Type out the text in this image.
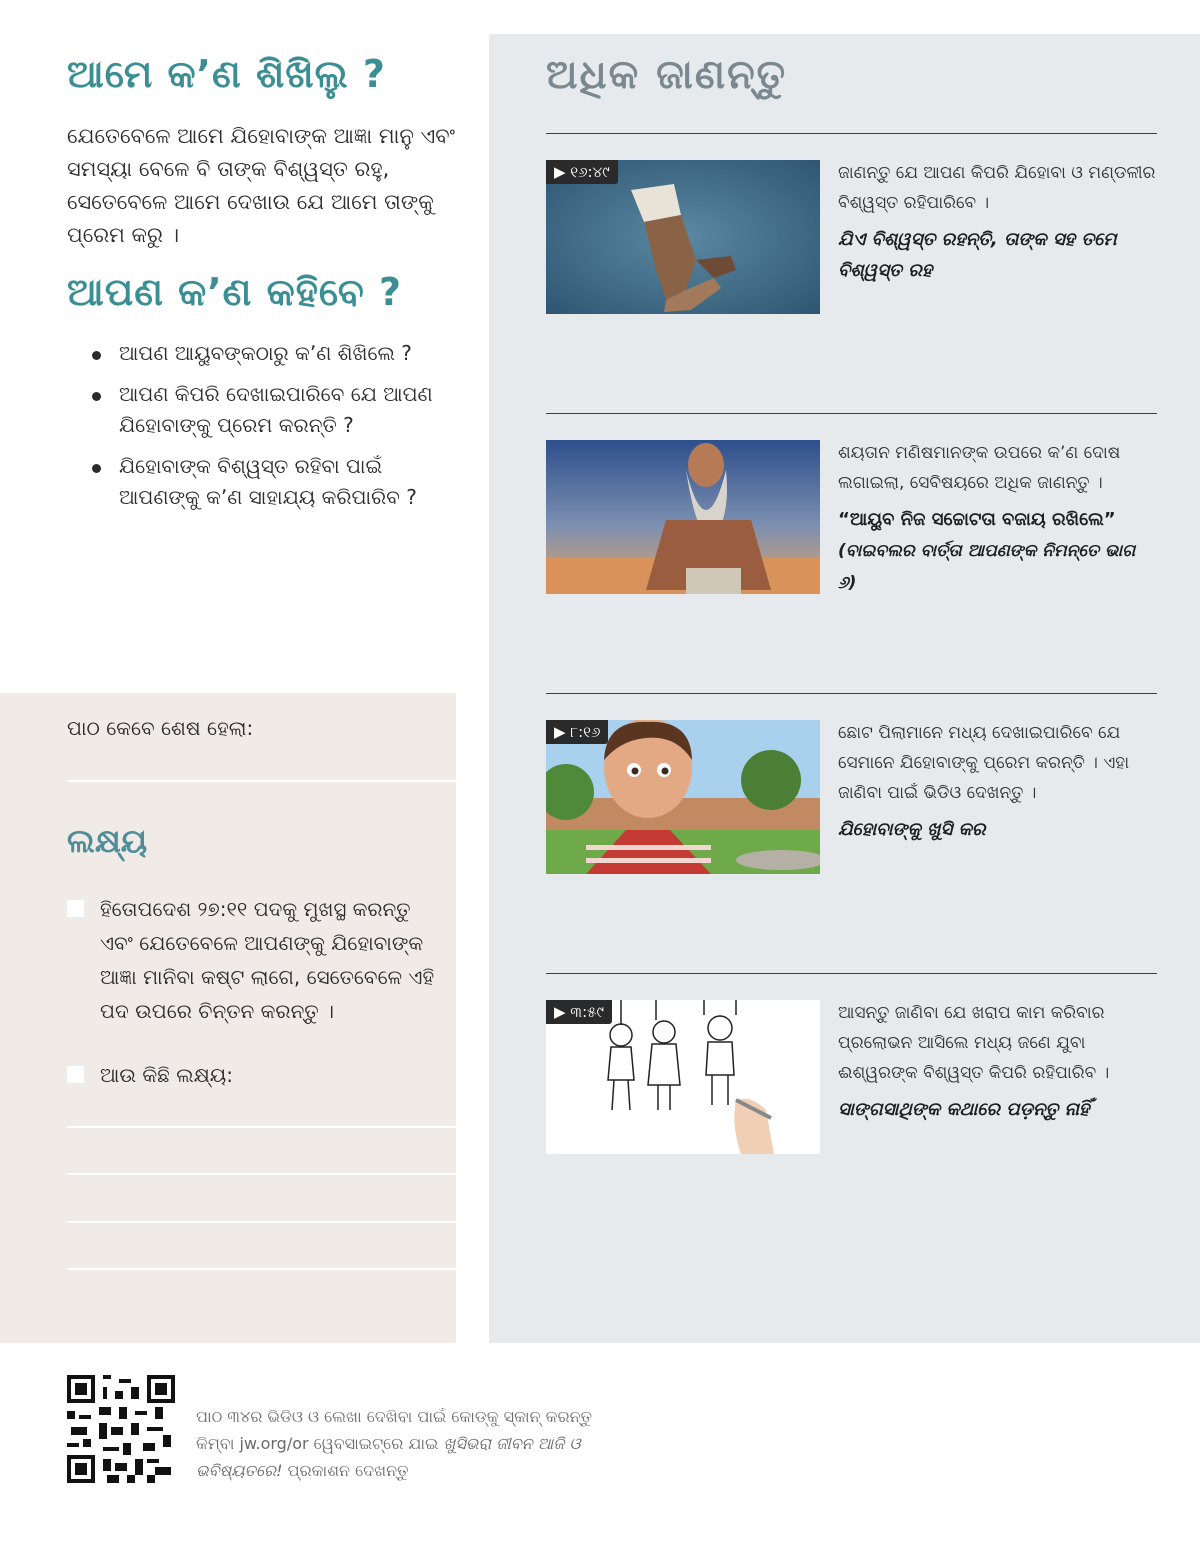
ଆମେ କʼଣ ଶିଖିଲୁ ?

ଯେତେବେଳେ ଆମେ ଯିହୋବାଙ୍କ ଆଜ୍ଞା ମାନୁ ଏବଂ ସମସ୍ୟା ବେଳେ ବି ତାଙ୍କ ବିଶ୍ୱସ୍ତ ରହୁ, ସେତେବେଳେ ଆମେ ଦେଖାଉ ଯେ ଆମେ ତାଙ୍କୁ ପ୍ରେମ କରୁ ।

ଆପଣ କʼଣ କହିବେ ?
ଆପଣ ଆୟୁବଙ୍କଠାରୁ କʼଣ ଶିଖିଲେ ?
ଆପଣ କିପରି ଦେଖାଇପାରିବେ ଯେ ଆପଣ ଯିହୋବାଙ୍କୁ ପ୍ରେମ କରନ୍ତି ?
ଯିହୋବାଙ୍କ ବିଶ୍ୱସ୍ତ ରହିବା ପାଇଁ ଆପଣଙ୍କୁ କʼଣ ସାହାଯ୍ୟ କରିପାରିବ ?
ପାଠ କେବେ ଶେଷ ହେଲା:
ଲକ୍ଷ୍ୟ
ହିତୋପଦେଶ ୨୭:୧୧ ପଦକୁ ମୁଖସ୍ଥ କରନ୍ତୁ ଏବଂ ଯେତେବେଳେ ଆପଣଙ୍କୁ ଯିହୋବାଙ୍କ ଆଜ୍ଞା ମାନିବା କଷ୍ଟ ଲାଗେ, ସେତେବେଳେ ଏହି ପଦ ଉପରେ ଚିନ୍ତନ କରନ୍ତୁ ।
ଆଉ କିଛି ଲକ୍ଷ୍ୟ:
ଅଧିକ ଜାଣନ୍ତୁ
▶ ୧୬:୪୯	ଜାଣନ୍ତୁ ଯେ ଆପଣ କିପରି ଯିହୋବା ଓ ମଣ୍ଡଳୀର ବିଶ୍ୱସ୍ତ ରହିପାରିବେ ।

ଯିଏ ବିଶ୍ୱସ୍ତ ରହନ୍ତି, ତାଙ୍କ ସହ ତମେ ବିଶ୍ୱସ୍ତ ରହ

ଶୟତାନ ମଣିଷମାନଙ୍କ ଉପରେ କʼଣ ଦୋଷ ଲଗାଇଲା, ସେବିଷୟରେ ଅଧିକ ଜାଣନ୍ତୁ ।

“ଆୟୁବ ନିଜ ସଚ୍ଚୋଟତା ବଜାୟ ରଖିଲେ”
(ବାଇବଲର ବାର୍ତ୍ତା ଆପଣଙ୍କ ନିମନ୍ତେ ଭାଗ ୬)
▶ ୮:୧୬	ଛୋଟ ପିଲାମାନେ ମଧ୍ୟ ଦେଖାଇପାରିବେ ଯେ ସେମାନେ ଯିହୋବାଙ୍କୁ ପ୍ରେମ କରନ୍ତି । ଏହା ଜାଣିବା ପାଇଁ ଭିଡିଓ ଦେଖନ୍ତୁ ।

ଯିହୋବାଙ୍କୁ ଖୁସି କର
▶ ୩:୫୯	ଆସନ୍ତୁ ଜାଣିବା ଯେ ଖରାପ କାମ କରିବାର ପ୍ରଲୋଭନ ଆସିଲେ ମଧ୍ୟ ଜଣେ ଯୁବା ଈଶ୍ୱରଙ୍କ ବିଶ୍ୱସ୍ତ କିପରି ରହିପାରିବ ।

ସାଙ୍ଗସାଥିଙ୍କ କଥାରେ ପଡ଼ନ୍ତୁ ନାହିଁ
ପାଠ ୩୪ର ଭିଡିଓ ଓ ଲେଖା ଦେଖିବା ପାଇଁ କୋଡ୍‌କୁ ସ୍କାନ୍‌ କରନ୍ତୁ କିମ୍ବା jw.org/or ୱେବସାଇଟ୍‌ରେ ଯାଇ ଖୁସିଭରା ଜୀବନ ଆଜି ଓ ଭବିଷ୍ୟତରେ! ପ୍ରକାଶନ ଦେଖନ୍ତୁ
